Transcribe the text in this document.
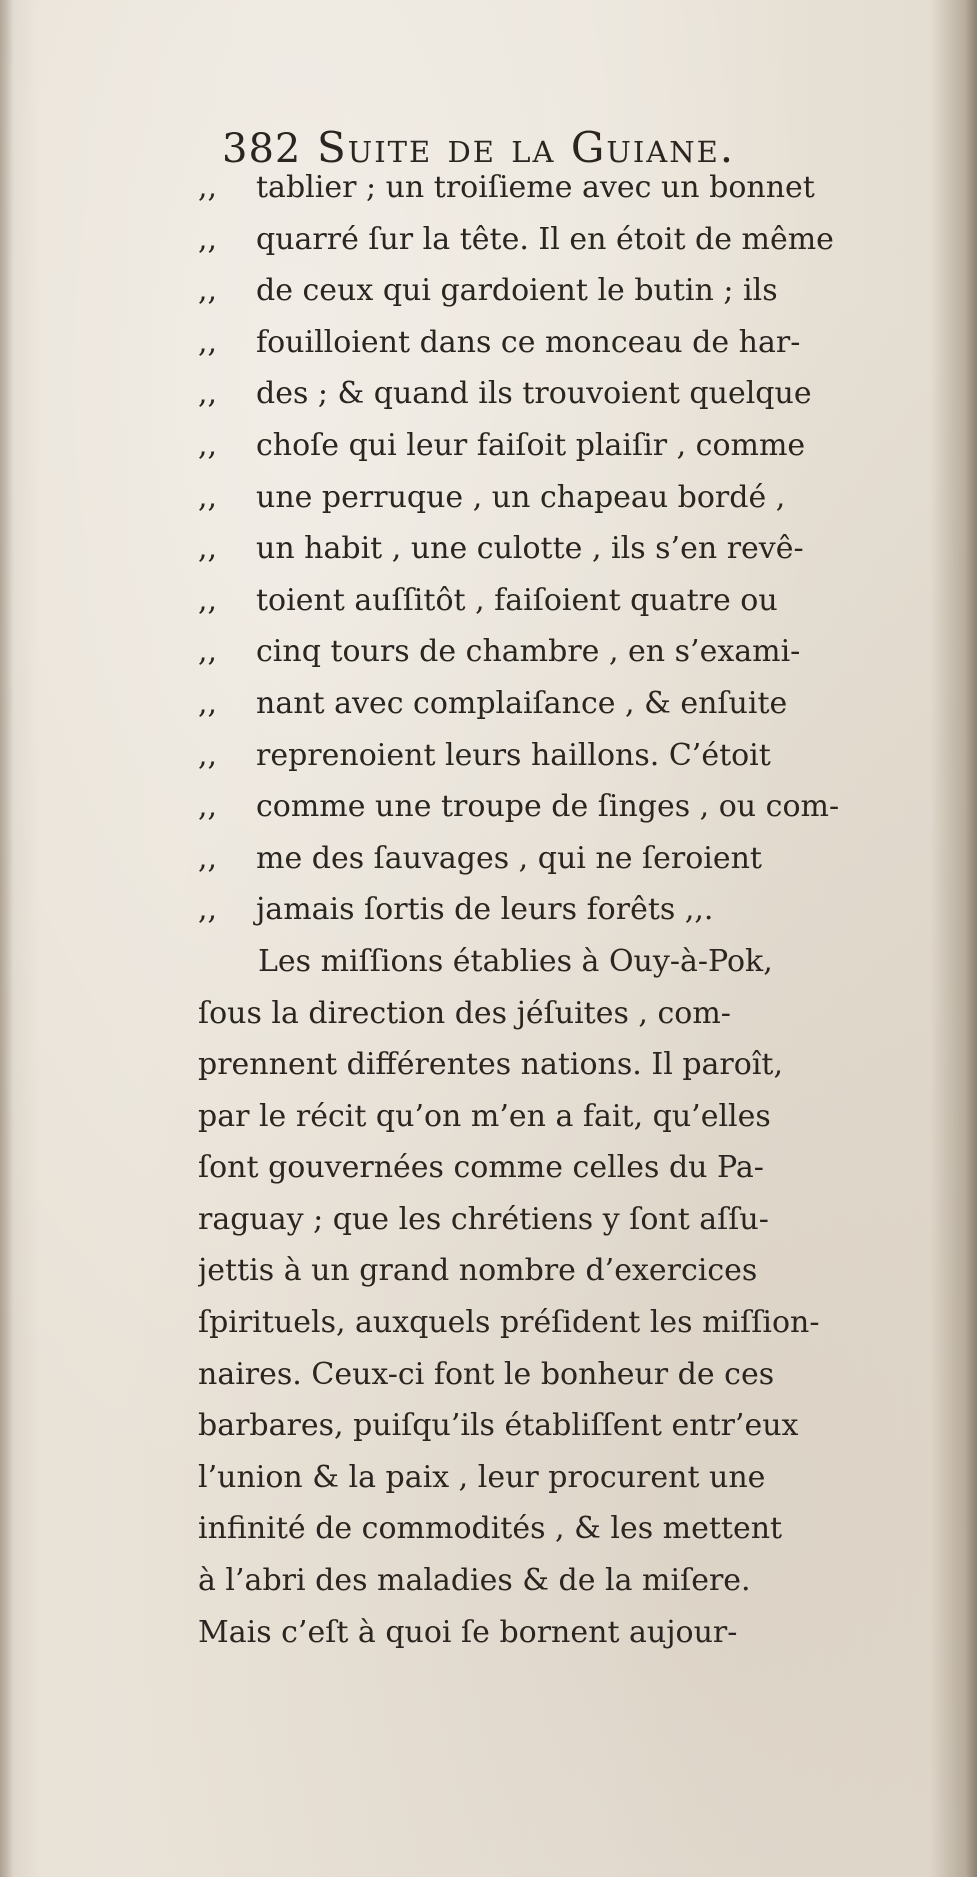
382 Suite de la Guiane.
,, tablier ; un troiſieme avec un bonnet
,, quarré ſur la tête. Il en étoit de même
,, de ceux qui gardoient le butin ; ils
,, fouilloient dans ce monceau de har-
,, des ; & quand ils trouvoient quelque
,, choſe qui leur faiſoit plaiſir , comme
,, une perruque , un chapeau bordé ,
,, un habit , une culotte , ils s’en revê-
,, toient auſſitôt , faiſoient quatre ou
,, cinq tours de chambre , en s’exami-
,, nant avec complaiſance , & enſuite
,, reprenoient leurs haillons. C’étoit
,, comme une troupe de ſinges , ou com-
,, me des ſauvages , qui ne ſeroient
,, jamais ſortis de leurs forêts ,,.
Les miſſions établies à Ouy-à-Pok,
ſous la direction des jéſuites , com-
prennent différentes nations. Il paroît,
par le récit qu’on m’en a fait, qu’elles
ſont gouvernées comme celles du Pa-
raguay ; que les chrétiens y ſont aſſu-
jettis à un grand nombre d’exercices
ſpirituels, auxquels préſident les miſſion-
naires. Ceux-ci font le bonheur de ces
barbares, puiſqu’ils établiſſent entr’eux
l’union & la paix , leur procurent une
infinité de commodités , & les mettent
à l’abri des maladies & de la miſere.
Mais c’eſt à quoi ſe bornent aujour-
